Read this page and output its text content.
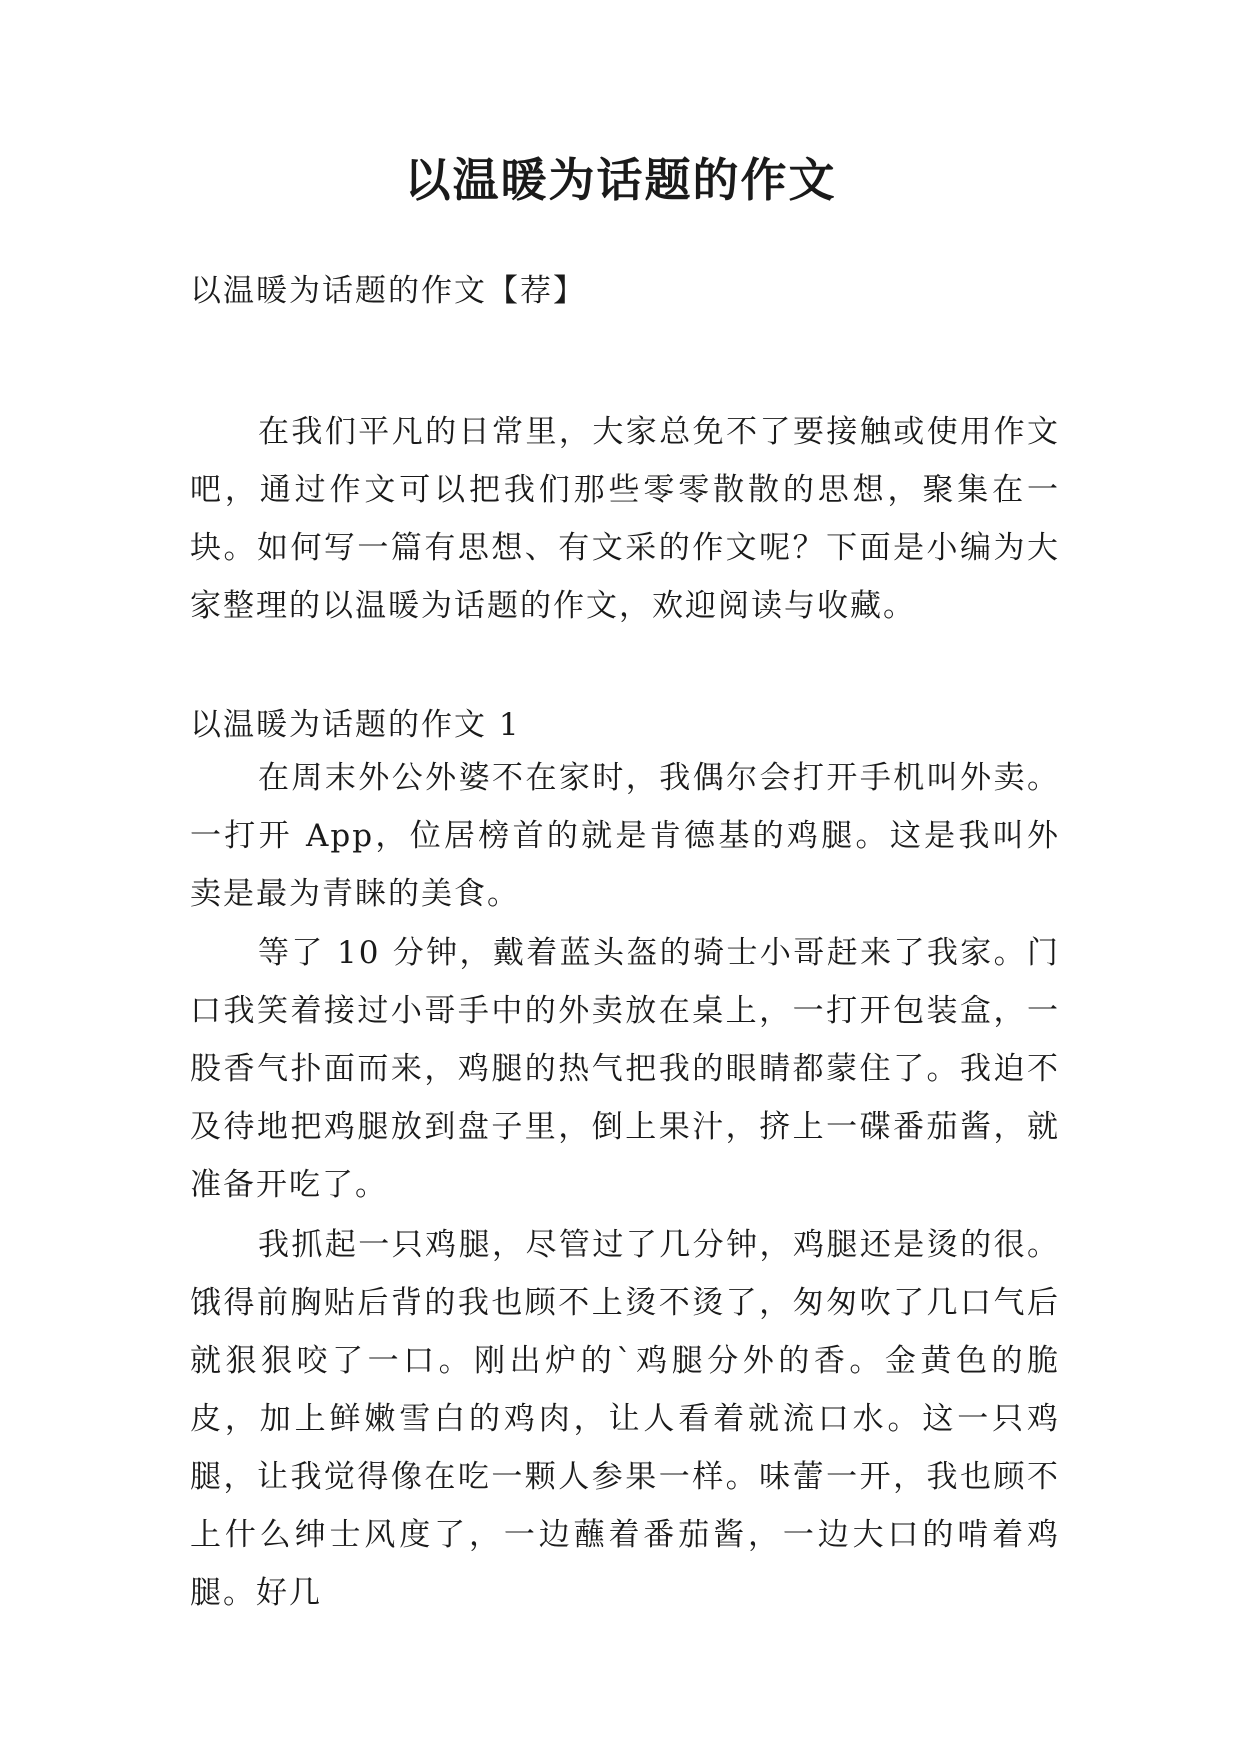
以温暖为话题的作文

以温暖为话题的作文【荐】

在我们平凡的日常里，大家总免不了要接触或使用作文吧，通过作文可以把我们那些零零散散的思想，聚集在一块。如何写一篇有思想、有文采的作文呢？下面是小编为大家整理的以温暖为话题的作文，欢迎阅读与收藏。

以温暖为话题的作文 1

在周末外公外婆不在家时，我偶尔会打开手机叫外卖。一打开 App，位居榜首的就是肯德基的鸡腿。这是我叫外卖是最为青睐的美食。

等了 10 分钟，戴着蓝头盔的骑士小哥赶来了我家。门口我笑着接过小哥手中的外卖放在桌上，一打开包装盒，一股香气扑面而来，鸡腿的热气把我的眼睛都蒙住了。我迫不及待地把鸡腿放到盘子里，倒上果汁，挤上一碟番茄酱，就准备开吃了。

我抓起一只鸡腿，尽管过了几分钟，鸡腿还是烫的很。饿得前胸贴后背的我也顾不上烫不烫了，匆匆吹了几口气后就狠狠咬了一口。刚出炉的`鸡腿分外的香。金黄色的脆皮，加上鲜嫩雪白的鸡肉，让人看着就流口水。这一只鸡腿，让我觉得像在吃一颗人参果一样。味蕾一开，我也顾不上什么绅士风度了，一边蘸着番茄酱，一边大口的啃着鸡腿。好几
